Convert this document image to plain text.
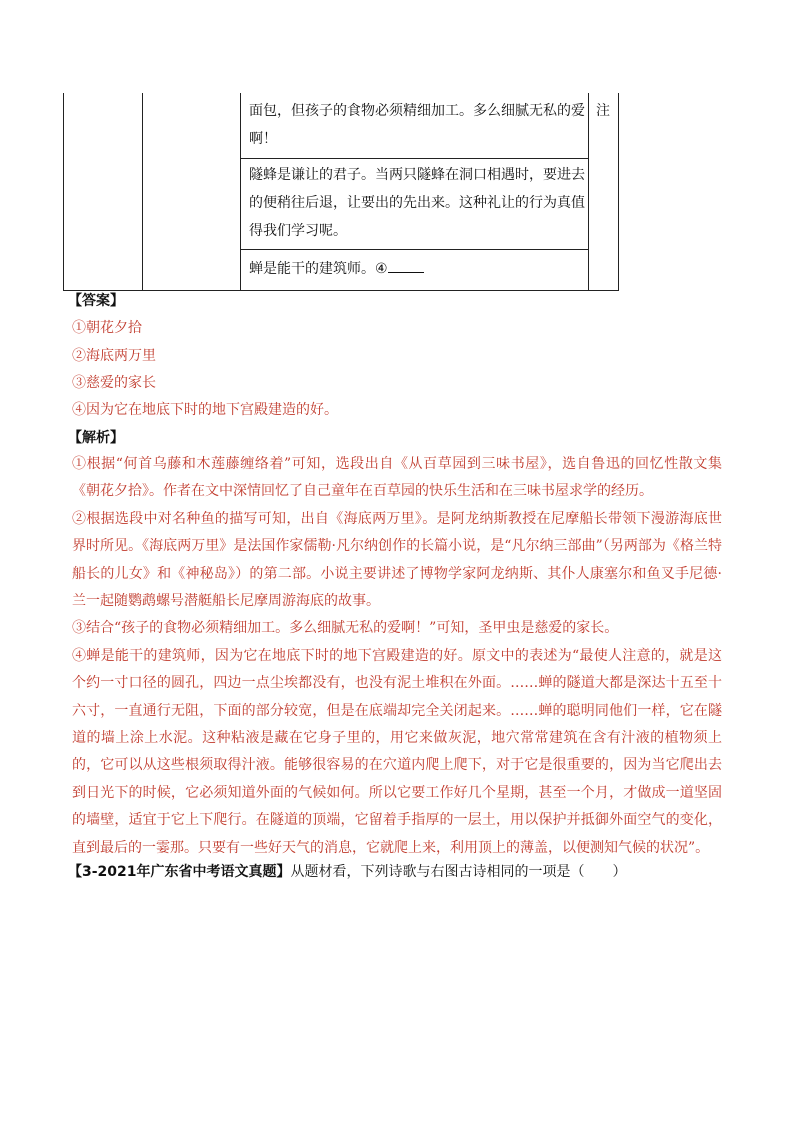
面包，但孩子的食物必须精细加工。多么细腻无私的爱啊！
注
隧蜂是谦让的君子。当两只隧蜂在洞口相遇时，要进去的便稍往后退，让要出的先出来。这种礼让的行为真值得我们学习呢。
蝉是能干的建筑师。④
【答案】
①朝花夕拾
②海底两万里
③慈爱的家长
④因为它在地底下时的地下宫殿建造的好。
【解析】

①根据“何首乌藤和木莲藤缠络着”可知，选段出自《从百草园到三味书屋》，选自鲁迅的回忆性散文集《朝花夕拾》。作者在文中深情回忆了自己童年在百草园的快乐生活和在三味书屋求学的经历。

②根据选段中对名种鱼的描写可知，出自《海底两万里》。是阿龙纳斯教授在尼摩船长带领下漫游海底世界时所见。《海底两万里》是法国作家儒勒·凡尔纳创作的长篇小说，是“凡尔纳三部曲”（另两部为《格兰特船长的儿女》和《神秘岛》）的第二部。小说主要讲述了博物学家阿龙纳斯、其仆人康塞尔和鱼叉手尼德·兰一起随鹦鹉螺号潜艇船长尼摩周游海底的故事。

③结合“孩子的食物必须精细加工。多么细腻无私的爱啊！”可知，圣甲虫是慈爱的家长。

④蝉是能干的建筑师，因为它在地底下时的地下宫殿建造的好。原文中的表述为“最使人注意的，就是这个约一寸口径的圆孔，四边一点尘埃都没有，也没有泥土堆积在外面。……蝉的隧道大都是深达十五至十六寸，一直通行无阻，下面的部分较宽，但是在底端却完全关闭起来。……蝉的聪明同他们一样，它在隧道的墙上涂上水泥。这种粘液是藏在它身子里的，用它来做灰泥，地穴常常建筑在含有汁液的植物须上的，它可以从这些根须取得汁液。能够很容易的在穴道内爬上爬下，对于它是很重要的，因为当它爬出去到日光下的时候，它必须知道外面的气候如何。所以它要工作好几个星期，甚至一个月，才做成一道坚固的墙壁，适宜于它上下爬行。在隧道的顶端，它留着手指厚的一层土，用以保护并抵御外面空气的变化，直到最后的一霎那。只要有一些好天气的消息，它就爬上来，利用顶上的薄盖，以便测知气候的状况”。

【3-2021年广东省中考语文真题】从题材看，下列诗歌与右图古诗相同的一项是（　　）
